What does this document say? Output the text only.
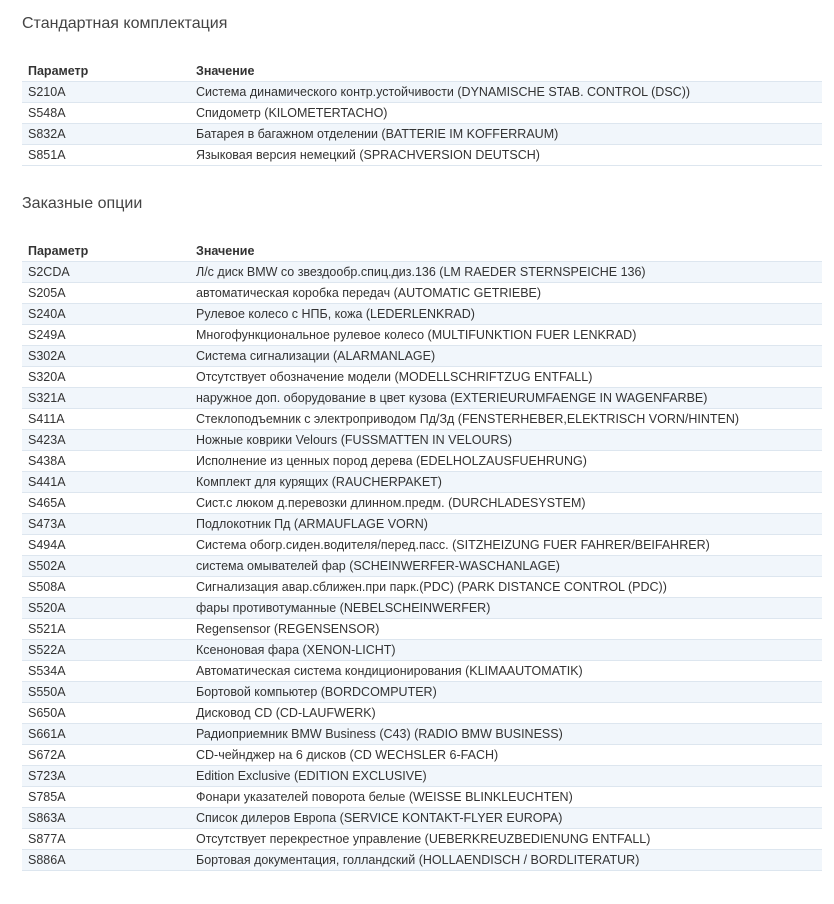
Стандартная комплектация
Параметр	Значение
S210A	Система динамического контр.устойчивости (DYNAMISCHE STAB. CONTROL (DSC))
S548A	Спидометр (KILOMETERTACHO)
S832A	Батарея в багажном отделении (BATTERIE IM KOFFERRAUM)
S851A	Языковая версия немецкий (SPRACHVERSION DEUTSCH)
Заказные опции
Параметр	Значение
S2CDA	Л/с диск BMW со звездообр.спиц.диз.136 (LM RAEDER STERNSPEICHE 136)
S205A	автоматическая коробка передач (AUTOMATIC GETRIEBE)
S240A	Рулевое колесо с НПБ, кожа (LEDERLENKRAD)
S249A	Многофункциональное рулевое колесо (MULTIFUNKTION FUER LENKRAD)
S302A	Система сигнализации (ALARMANLAGE)
S320A	Отсутствует обозначение модели (MODELLSCHRIFTZUG ENTFALL)
S321A	наружное доп. оборудование в цвет кузова (EXTERIEURUMFAENGE IN WAGENFARBE)
S411A	Стеклоподъемник с электроприводом Пд/Зд (FENSTERHEBER,ELEKTRISCH VORN/HINTEN)
S423A	Ножные коврики Velours (FUSSMATTEN IN VELOURS)
S438A	Исполнение из ценных пород дерева (EDELHOLZAUSFUEHRUNG)
S441A	Комплект для курящих (RAUCHERPAKET)
S465A	Сист.с люком д.перевозки длинном.предм. (DURCHLADESYSTEM)
S473A	Подлокотник Пд (ARMAUFLAGE VORN)
S494A	Система обогр.сиден.водителя/перед.пасс. (SITZHEIZUNG FUER FAHRER/BEIFAHRER)
S502A	система омывателей фар (SCHEINWERFER-WASCHANLAGE)
S508A	Сигнализация авар.сближен.при парк.(PDC) (PARK DISTANCE CONTROL (PDC))
S520A	фары противотуманные (NEBELSCHEINWERFER)
S521A	Regensensor (REGENSENSOR)
S522A	Ксеноновая фара (XENON-LICHT)
S534A	Автоматическая система кондиционирования (KLIMAAUTOMATIK)
S550A	Бортовой компьютер (BORDCOMPUTER)
S650A	Дисковод CD (CD-LAUFWERK)
S661A	Радиоприемник BMW Business (C43) (RADIO BMW BUSINESS)
S672A	CD-чейнджер на 6 дисков (CD WECHSLER 6-FACH)
S723A	Edition Exclusive (EDITION EXCLUSIVE)
S785A	Фонари указателей поворота белые (WEISSE BLINKLEUCHTEN)
S863A	Список дилеров Европа (SERVICE KONTAKT-FLYER EUROPA)
S877A	Отсутствует перекрестное управление (UEBERKREUZBEDIENUNG ENTFALL)
S886A	Бортовая документация, голландский (HOLLAENDISCH / BORDLITERATUR)
